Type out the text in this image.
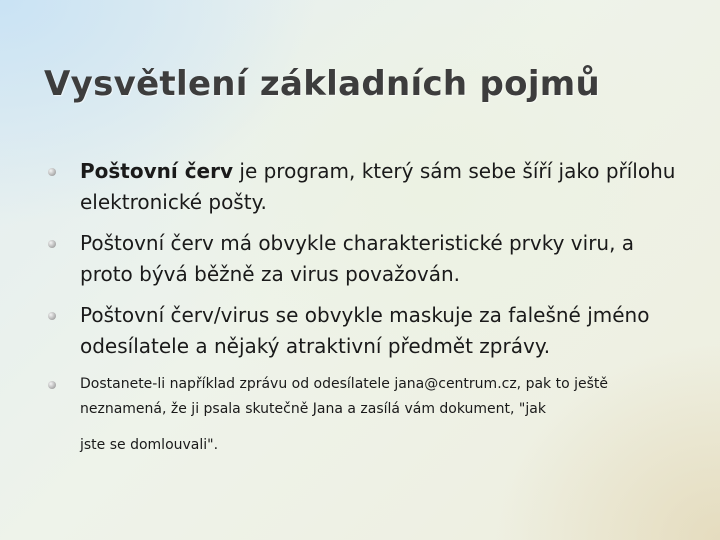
Vysvětlení základních pojmů
Poštovní červ je program, který sám sebe šíří jako přílohu elektronické pošty.
Poštovní červ má obvykle charakteristické prvky viru, a proto bývá běžně za virus považován.
Poštovní červ/virus se obvykle maskuje za falešné jméno odesílatele a nějaký atraktivní předmět zprávy.
Dostanete-li například zprávu od odesílatele jana@centrum.cz, pak to ještě neznamená, že ji psala skutečně Jana a zasílá vám dokument, "jak
jste se domlouvali".
